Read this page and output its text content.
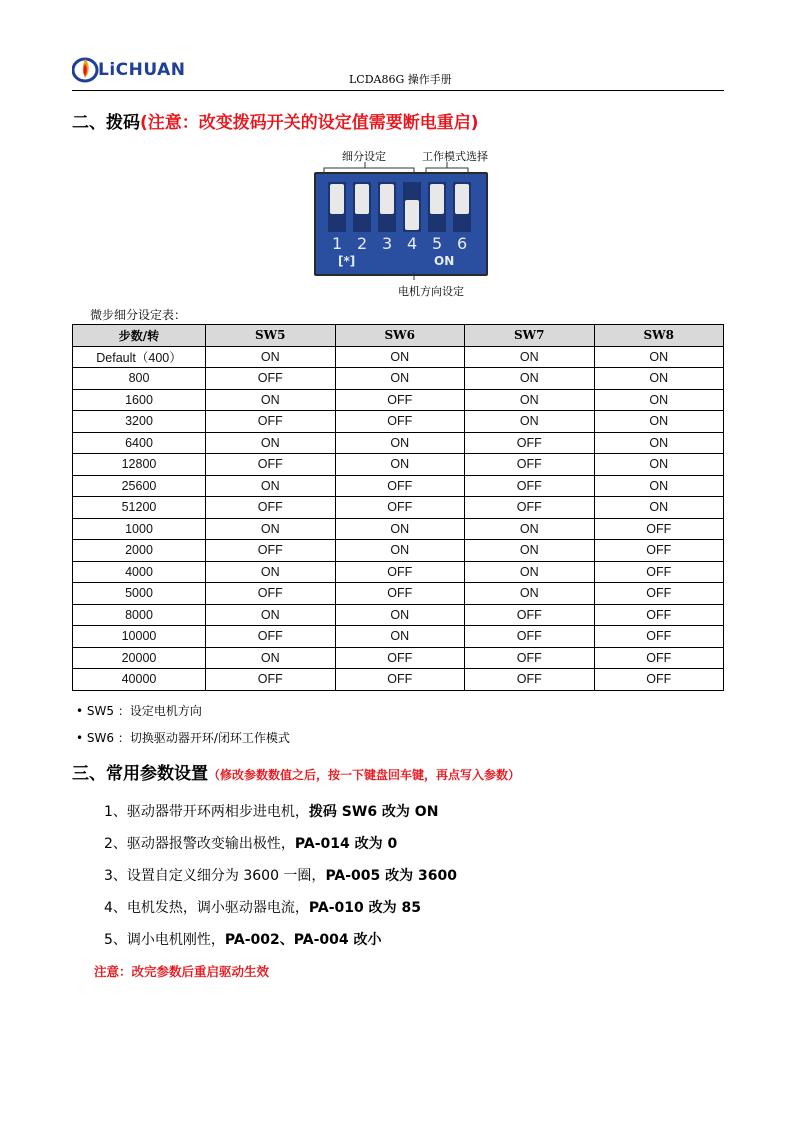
LiCHUAN	LCDA86G 操作手册
二、拨码(注意：改变拨码开关的设定值需要断电重启)
细分设定	工作模式选择
[*]	ON
1 2 3 4 5 6
电机方向设定
微步细分设定表：
步数/转	SW5	SW6	SW7	SW8
Default（400）	ON	ON	ON	ON
800	OFF	ON	ON	ON
1600	ON	OFF	ON	ON
3200	OFF	OFF	ON	ON
6400	ON	ON	OFF	ON
12800	OFF	ON	OFF	ON
25600	ON	OFF	OFF	ON
51200	OFF	OFF	OFF	ON
1000	ON	ON	ON	OFF
2000	OFF	ON	ON	OFF
4000	ON	OFF	ON	OFF
5000	OFF	OFF	ON	OFF
8000	ON	ON	OFF	OFF
10000	OFF	ON	OFF	OFF
20000	ON	OFF	OFF	OFF
40000	OFF	OFF	OFF	OFF
• SW5 ：设定电机方向
• SW6 ：切换驱动器开环/闭环工作模式
三、常用参数设置（修改参数数值之后，按一下键盘回车键，再点写入参数）
1、驱动器带开环两相步进电机，拨码 SW6 改为 ON
2、驱动器报警改变输出极性，PA-014 改为 0
3、设置自定义细分为 3600 一圈，PA-005 改为 3600
4、电机发热，调小驱动器电流，PA-010 改为 85
5、调小电机刚性，PA-002、PA-004 改小
注意：改完参数后重启驱动生效
